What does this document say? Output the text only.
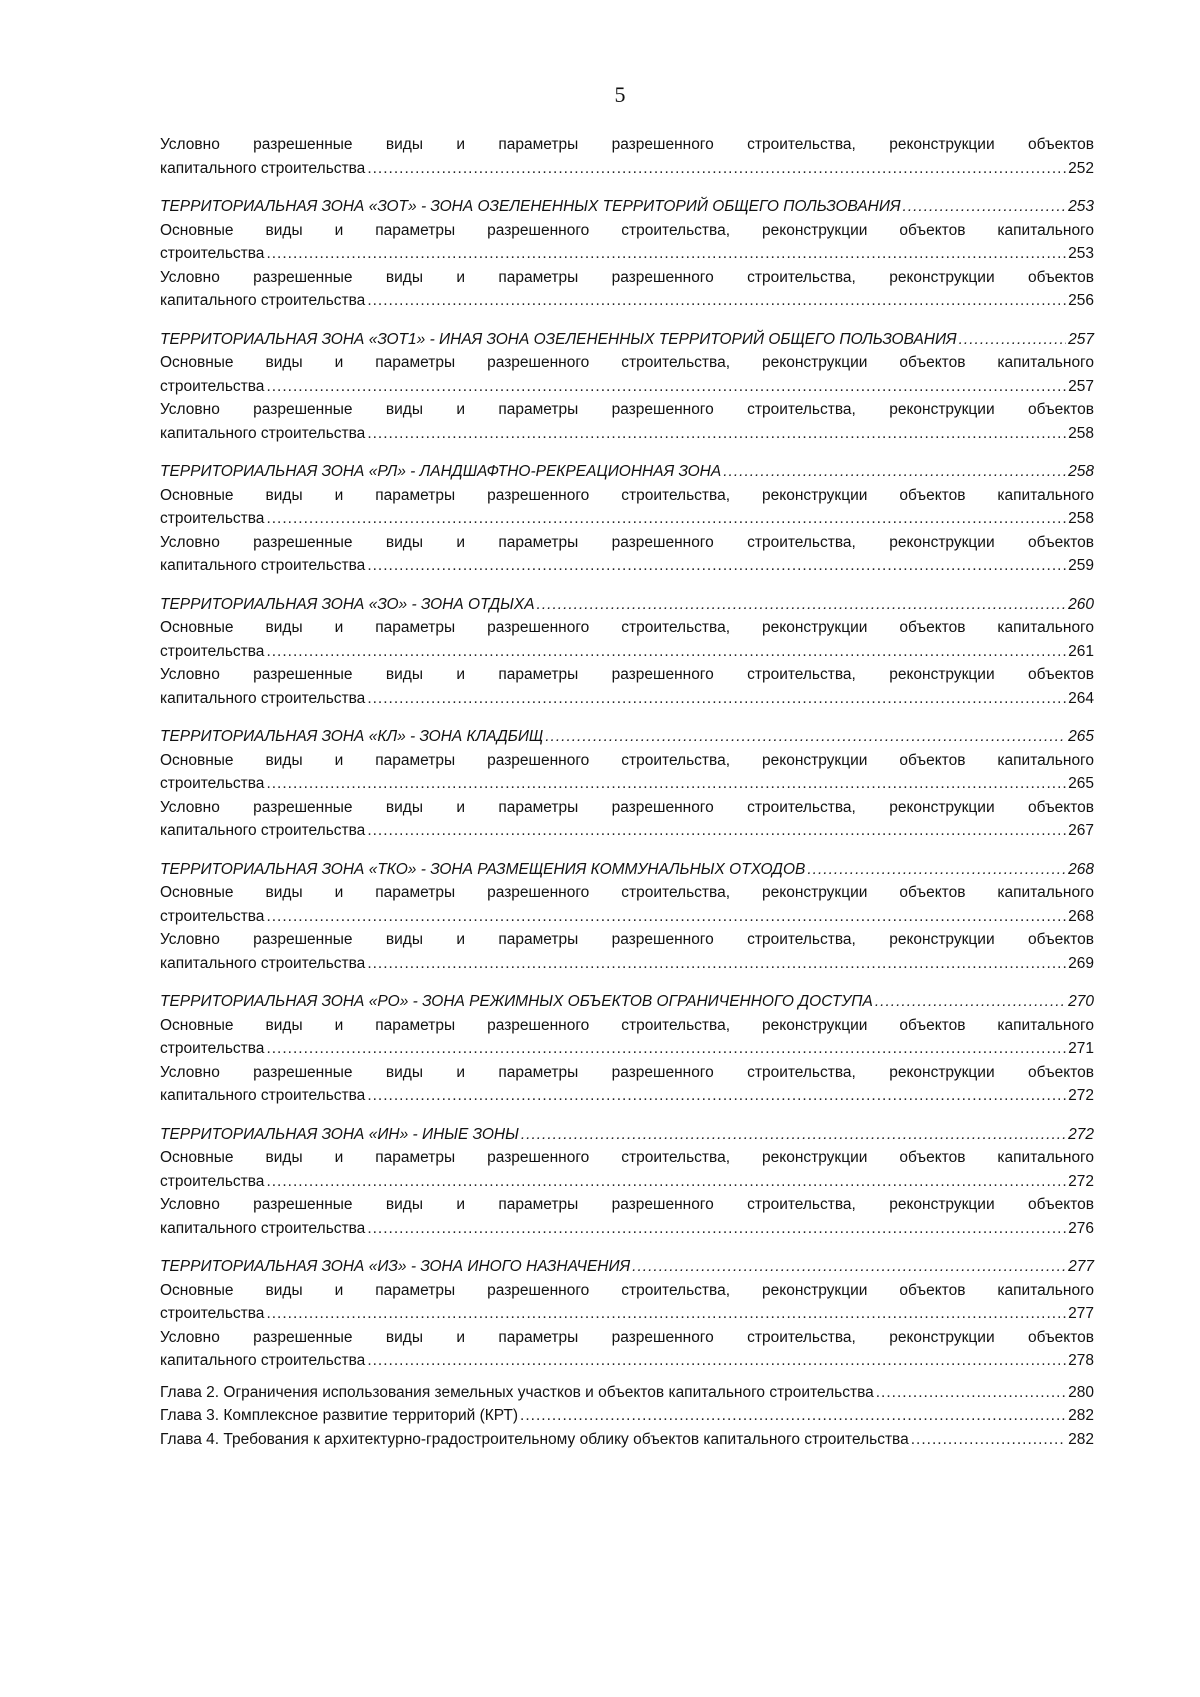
5
Условно разрешенные виды и параметры разрешенного строительства, реконструкции объектов
капитального строительства .....	252
ТЕРРИТОРИАЛЬНАЯ ЗОНА «ЗОТ» - ЗОНА ОЗЕЛЕНЕННЫХ ТЕРРИТОРИЙ ОБЩЕГО ПОЛЬЗОВАНИЯ .....	253
Основные виды и параметры разрешенного строительства, реконструкции объектов капитального
строительства .....	253
Условно разрешенные виды и параметры разрешенного строительства, реконструкции объектов
капитального строительства .....	256
ТЕРРИТОРИАЛЬНАЯ ЗОНА «ЗОТ1» - ИНАЯ ЗОНА ОЗЕЛЕНЕННЫХ ТЕРРИТОРИЙ ОБЩЕГО ПОЛЬЗОВАНИЯ .....	257
Основные виды и параметры разрешенного строительства, реконструкции объектов капитального
строительства .....	257
Условно разрешенные виды и параметры разрешенного строительства, реконструкции объектов
капитального строительства .....	258
ТЕРРИТОРИАЛЬНАЯ ЗОНА «РЛ» - ЛАНДШАФТНО-РЕКРЕАЦИОННАЯ ЗОНА .....	258
Основные виды и параметры разрешенного строительства, реконструкции объектов капитального
строительства .....	258
Условно разрешенные виды и параметры разрешенного строительства, реконструкции объектов
капитального строительства .....	259
ТЕРРИТОРИАЛЬНАЯ ЗОНА «ЗО» - ЗОНА ОТДЫХА .....	260
Основные виды и параметры разрешенного строительства, реконструкции объектов капитального
строительства .....	261
Условно разрешенные виды и параметры разрешенного строительства, реконструкции объектов
капитального строительства .....	264
ТЕРРИТОРИАЛЬНАЯ ЗОНА «КЛ» - ЗОНА КЛАДБИЩ .....	265
Основные виды и параметры разрешенного строительства, реконструкции объектов капитального
строительства .....	265
Условно разрешенные виды и параметры разрешенного строительства, реконструкции объектов
капитального строительства .....	267
ТЕРРИТОРИАЛЬНАЯ ЗОНА «ТКО» - ЗОНА РАЗМЕЩЕНИЯ КОММУНАЛЬНЫХ ОТХОДОВ .....	268
Основные виды и параметры разрешенного строительства, реконструкции объектов капитального
строительства .....	268
Условно разрешенные виды и параметры разрешенного строительства, реконструкции объектов
капитального строительства .....	269
ТЕРРИТОРИАЛЬНАЯ ЗОНА «РО» - ЗОНА РЕЖИМНЫХ ОБЪЕКТОВ ОГРАНИЧЕННОГО ДОСТУПА .....	270
Основные виды и параметры разрешенного строительства, реконструкции объектов капитального
строительства .....	271
Условно разрешенные виды и параметры разрешенного строительства, реконструкции объектов
капитального строительства .....	272
ТЕРРИТОРИАЛЬНАЯ ЗОНА «ИН» - ИНЫЕ ЗОНЫ .....	272
Основные виды и параметры разрешенного строительства, реконструкции объектов капитального
строительства .....	272
Условно разрешенные виды и параметры разрешенного строительства, реконструкции объектов
капитального строительства .....	276
ТЕРРИТОРИАЛЬНАЯ ЗОНА «ИЗ» - ЗОНА ИНОГО НАЗНАЧЕНИЯ .....	277
Основные виды и параметры разрешенного строительства, реконструкции объектов капитального
строительства .....	277
Условно разрешенные виды и параметры разрешенного строительства, реконструкции объектов
капитального строительства .....	278
Глава 2. Ограничения использования земельных участков и объектов капитального строительства .....	280
Глава 3. Комплексное развитие территорий (КРТ) .....	282
Глава 4. Требования к архитектурно-градостроительному облику объектов капитального строительства .....	282
